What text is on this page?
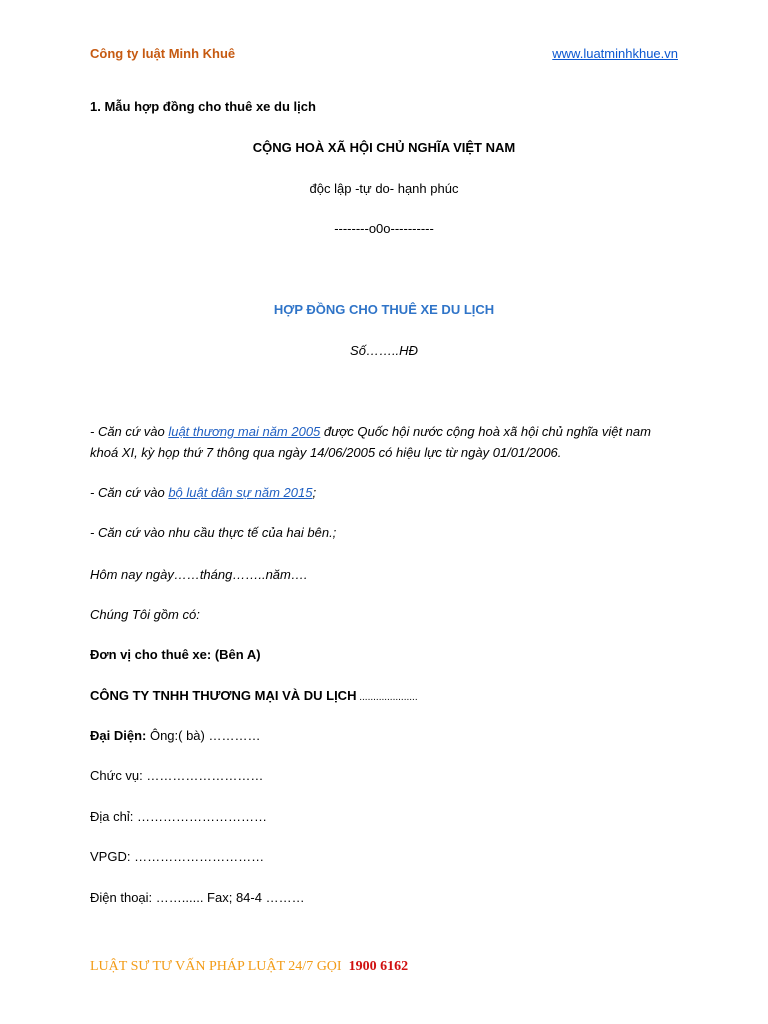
Công ty luật Minh Khuê	www.luatminhkhue.vn
1. Mẫu hợp đồng cho thuê xe du lịch
CỘNG HOÀ XÃ HỘI CHỦ NGHĨA VIỆT NAM
độc lập -tự do- hạnh phúc
--------o0o----------
HỢP ĐỒNG CHO THUÊ XE DU LỊCH
Số……..HĐ
- Căn cứ vào luật thương mai năm 2005 được Quốc hội nước cộng hoà xã hội chủ nghĩa việt nam khoá XI, kỳ họp thứ 7 thông qua ngày 14/06/2005 có hiệu lực từ ngày 01/01/2006.
- Căn cứ vào bộ luật dân sự năm 2015;
- Căn cứ vào nhu cầu thực tế của hai bên.;
Hôm nay ngày……tháng……..năm….
Chúng Tôi gồm có:
Đơn vị cho thuê xe: (Bên A)
CÔNG TY TNHH THƯƠNG MẠI VÀ DU LỊCH .....................
Đại Diện: Ông:( bà) …………
Chức vụ: ………………………
Địa chỉ: …………………………
VPGD: …………………………
Điện thoại: ……...... Fax; 84-4 ………
LUẬT SƯ TƯ VẤN PHÁP LUẬT 24/7 GỌI 1900 6162
